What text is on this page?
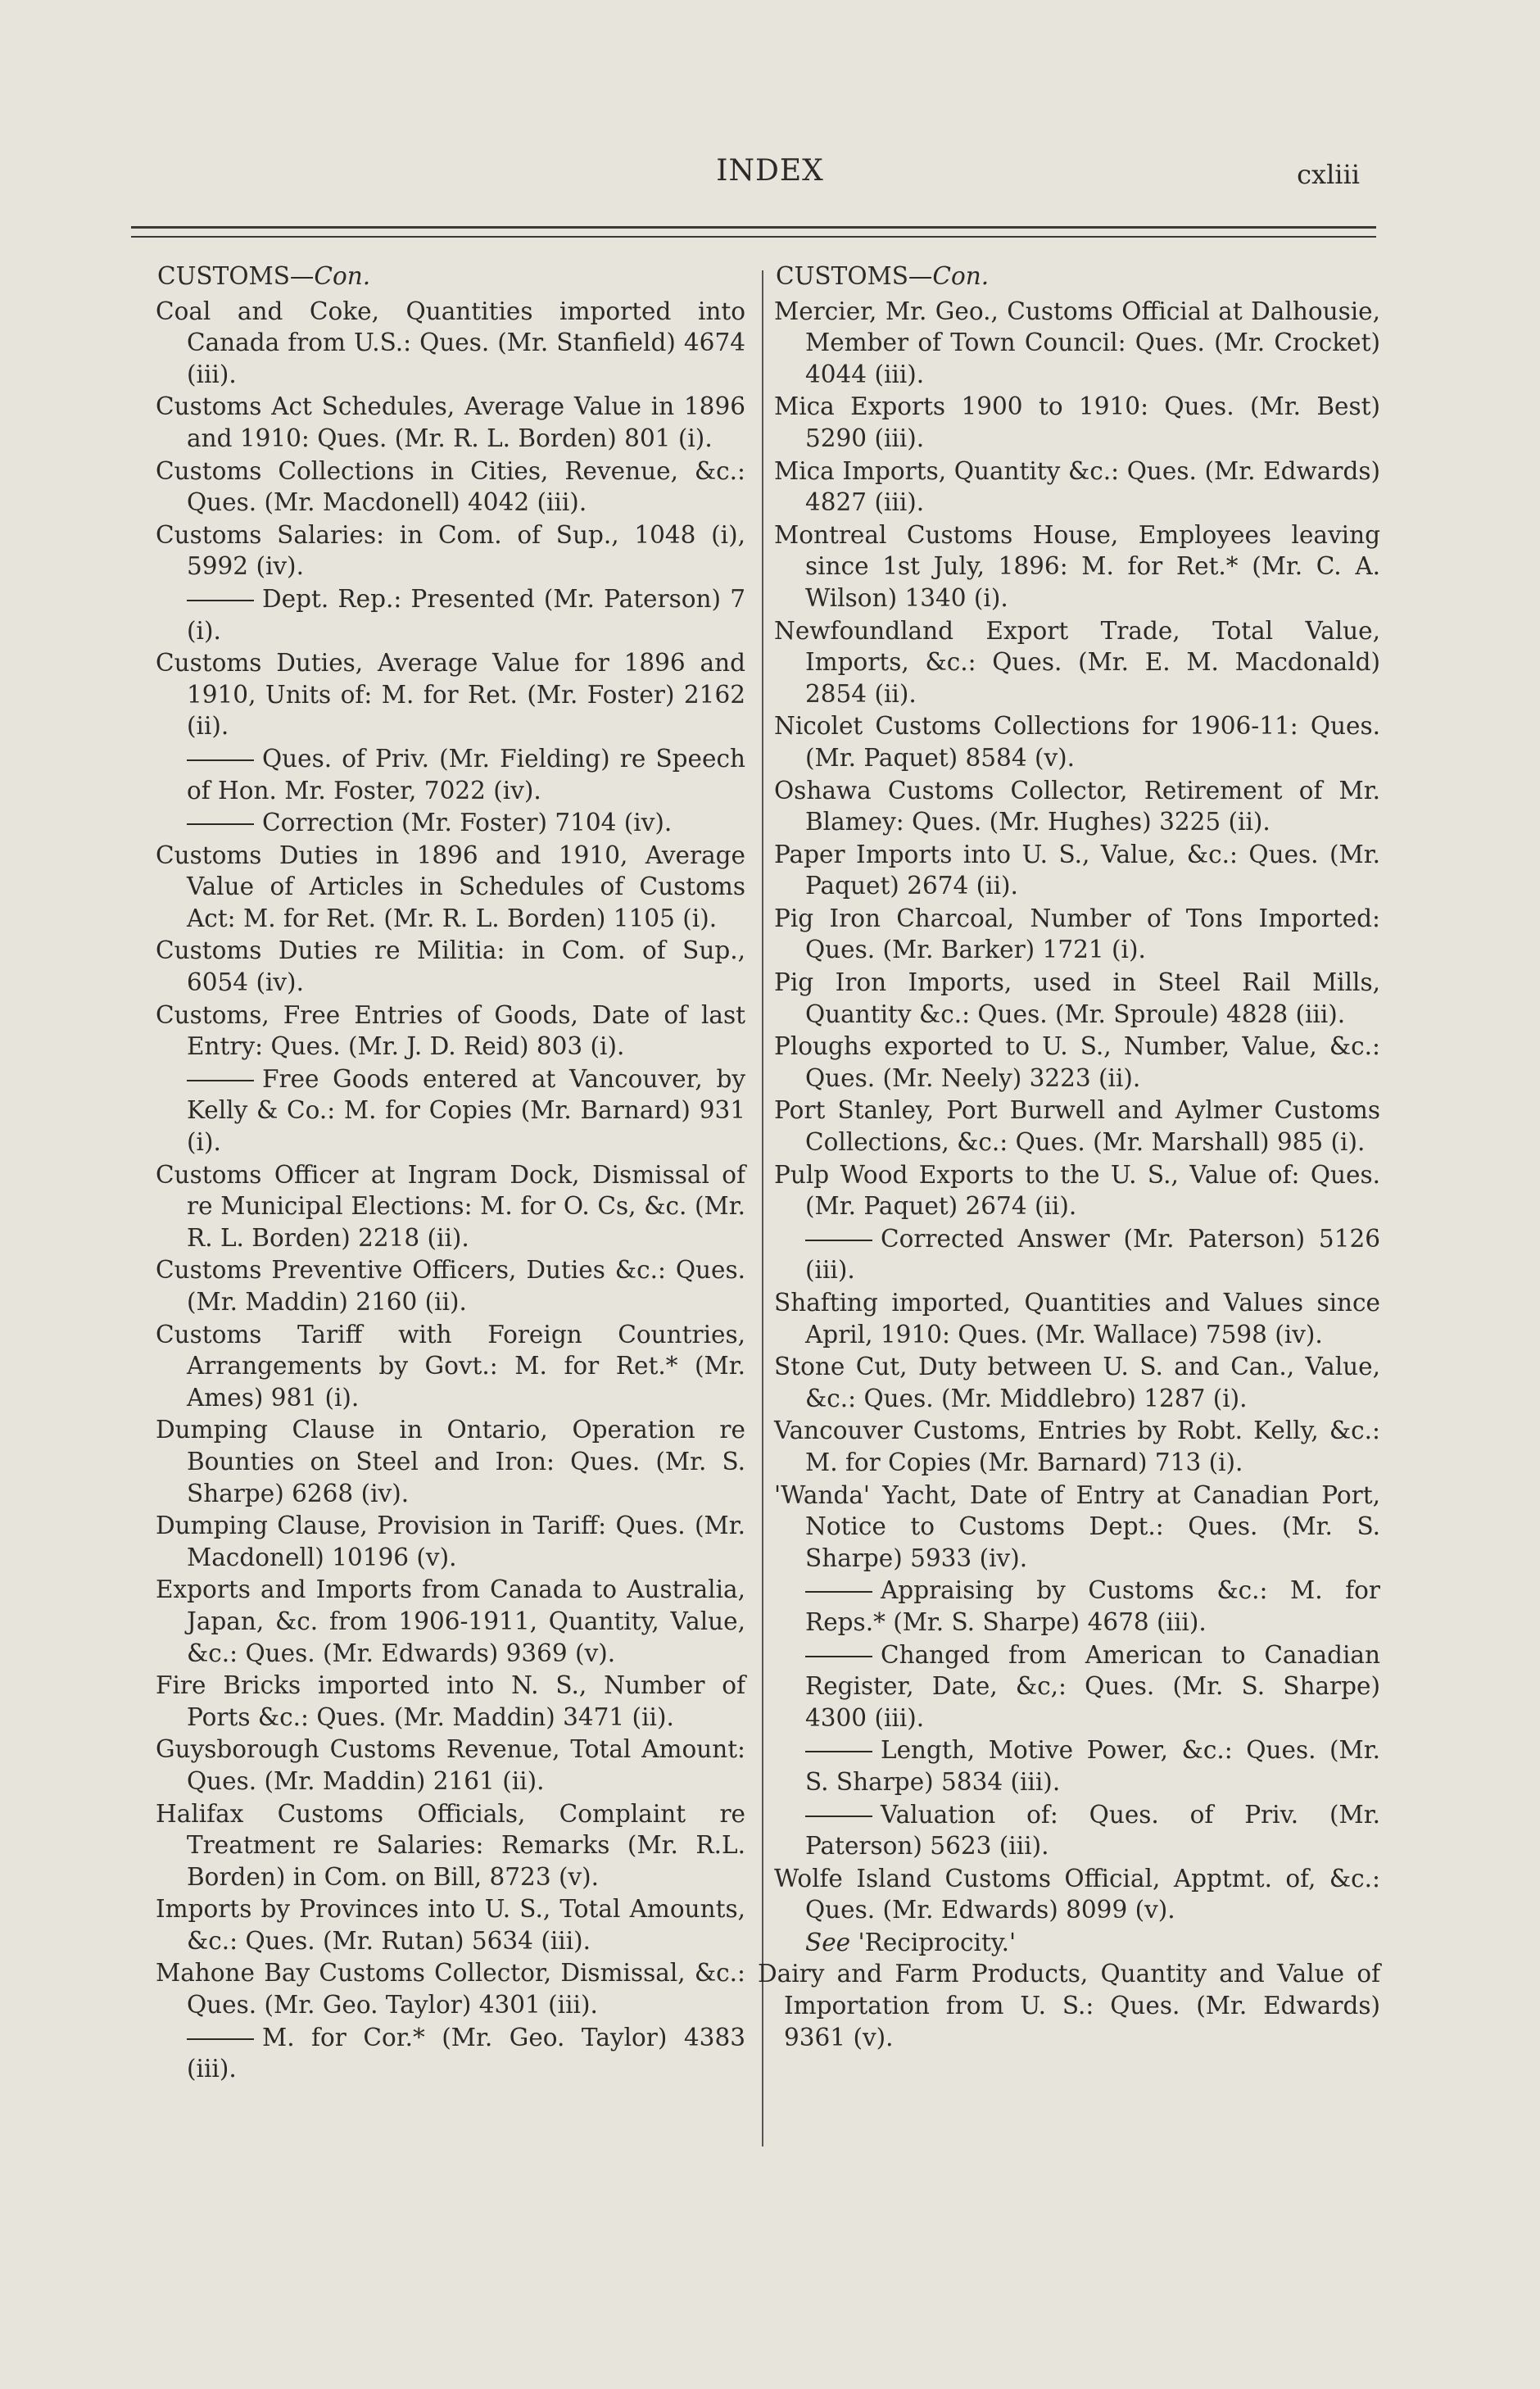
INDEX	cxliii
CUSTOMS—Con.
Coal and Coke, Quantities imported into Canada from U.S.: Ques. (Mr. Stanfield) 4674 (iii).
Customs Act Schedules, Average Value in 1896 and 1910: Ques. (Mr. R. L. Borden) 801 (i).
Customs Collections in Cities, Revenue, &c.: Ques. (Mr. Macdonell) 4042 (iii).
Customs Salaries: in Com. of Sup., 1048 (i), 5992 (iv).
Dept. Rep.: Presented (Mr. Paterson) 7 (i).
Customs Duties, Average Value for 1896 and 1910, Units of: M. for Ret. (Mr. Foster) 2162 (ii).
Ques. of Priv. (Mr. Fielding) re Speech of Hon. Mr. Foster, 7022 (iv).
Correction (Mr. Foster) 7104 (iv).
Customs Duties in 1896 and 1910, Average Value of Articles in Schedules of Customs Act: M. for Ret. (Mr. R. L. Borden) 1105 (i).
Customs Duties re Militia: in Com. of Sup., 6054 (iv).
Customs, Free Entries of Goods, Date of last Entry: Ques. (Mr. J. D. Reid) 803 (i).
Free Goods entered at Vancouver, by Kelly & Co.: M. for Copies (Mr. Barnard) 931 (i).
Customs Officer at Ingram Dock, Dismissal of re Municipal Elections: M. for O. Cs, &c. (Mr. R. L. Borden) 2218 (ii).
Customs Preventive Officers, Duties &c.: Ques. (Mr. Maddin) 2160 (ii).
Customs Tariff with Foreign Countries, Arrangements by Govt.: M. for Ret.* (Mr. Ames) 981 (i).
Dumping Clause in Ontario, Operation re Bounties on Steel and Iron: Ques. (Mr. S. Sharpe) 6268 (iv).
Dumping Clause, Provision in Tariff: Ques. (Mr. Macdonell) 10196 (v).
Exports and Imports from Canada to Australia, Japan, &c. from 1906-1911, Quantity, Value, &c.: Ques. (Mr. Edwards) 9369 (v).
Fire Bricks imported into N. S., Number of Ports &c.: Ques. (Mr. Maddin) 3471 (ii).
Guysborough Customs Revenue, Total Amount: Ques. (Mr. Maddin) 2161 (ii).
Halifax Customs Officials, Complaint re Treatment re Salaries: Remarks (Mr. R.L. Borden) in Com. on Bill, 8723 (v).
Imports by Provinces into U. S., Total Amounts, &c.: Ques. (Mr. Rutan) 5634 (iii).
Mahone Bay Customs Collector, Dismissal, &c.: Ques. (Mr. Geo. Taylor) 4301 (iii).
M. for Cor.* (Mr. Geo. Taylor) 4383 (iii).
CUSTOMS—Con.
Mercier, Mr. Geo., Customs Official at Dalhousie, Member of Town Council: Ques. (Mr. Crocket) 4044 (iii).
Mica Exports 1900 to 1910: Ques. (Mr. Best) 5290 (iii).
Mica Imports, Quantity &c.: Ques. (Mr. Edwards) 4827 (iii).
Montreal Customs House, Employees leaving since 1st July, 1896: M. for Ret.* (Mr. C. A. Wilson) 1340 (i).
Newfoundland Export Trade, Total Value, Imports, &c.: Ques. (Mr. E. M. Macdonald) 2854 (ii).
Nicolet Customs Collections for 1906-11: Ques. (Mr. Paquet) 8584 (v).
Oshawa Customs Collector, Retirement of Mr. Blamey: Ques. (Mr. Hughes) 3225 (ii).
Paper Imports into U. S., Value, &c.: Ques. (Mr. Paquet) 2674 (ii).
Pig Iron Charcoal, Number of Tons Imported: Ques. (Mr. Barker) 1721 (i).
Pig Iron Imports, used in Steel Rail Mills, Quantity &c.: Ques. (Mr. Sproule) 4828 (iii).
Ploughs exported to U. S., Number, Value, &c.: Ques. (Mr. Neely) 3223 (ii).
Port Stanley, Port Burwell and Aylmer Customs Collections, &c.: Ques. (Mr. Marshall) 985 (i).
Pulp Wood Exports to the U. S., Value of: Ques. (Mr. Paquet) 2674 (ii).
Corrected Answer (Mr. Paterson) 5126 (iii).
Shafting imported, Quantities and Values since April, 1910: Ques. (Mr. Wallace) 7598 (iv).
Stone Cut, Duty between U. S. and Can., Value, &c.: Ques. (Mr. Middlebro) 1287 (i).
Vancouver Customs, Entries by Robt. Kelly, &c.: M. for Copies (Mr. Barnard) 713 (i).
'Wanda' Yacht, Date of Entry at Canadian Port, Notice to Customs Dept.: Ques. (Mr. S. Sharpe) 5933 (iv).
Appraising by Customs &c.: M. for Reps.* (Mr. S. Sharpe) 4678 (iii).
Changed from American to Canadian Register, Date, &c,: Ques. (Mr. S. Sharpe) 4300 (iii).
Length, Motive Power, &c.: Ques. (Mr. S. Sharpe) 5834 (iii).
Valuation of: Ques. of Priv. (Mr. Paterson) 5623 (iii).
Wolfe Island Customs Official, Apptmt. of, &c.: Ques. (Mr. Edwards) 8099 (v).
See 'Reciprocity.'
Dairy and Farm Products, Quantity and Value of Importation from U. S.: Ques. (Mr. Edwards) 9361 (v).
